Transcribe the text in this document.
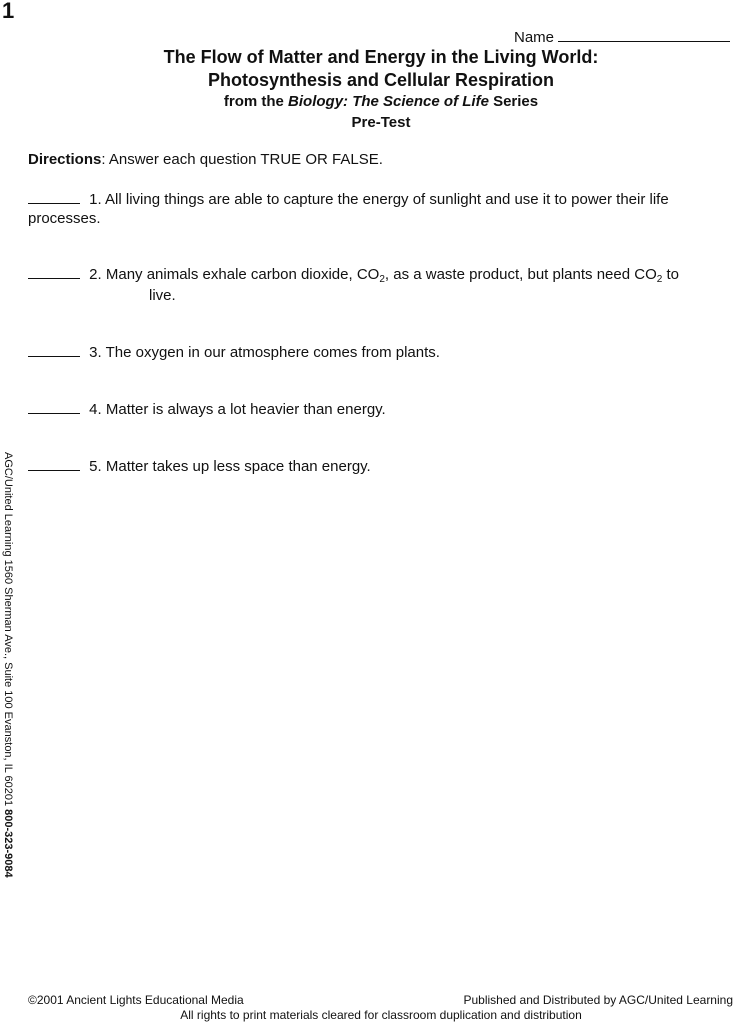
1
Name
The Flow of Matter and Energy in the Living World:
Photosynthesis and Cellular Respiration
from the Biology: The Science of Life Series
Pre-Test
Directions: Answer each question TRUE OR FALSE.
1. All living things are able to capture the energy of sunlight and use it to power their life processes.
2. Many animals exhale carbon dioxide, $CO_2$, as a waste product, but plants need $CO_2$ to
live.
3. The oxygen in our atmosphere comes from plants.
4. Matter is always a lot heavier than energy.
5. Matter takes up less space than energy.
AGC/United Learning 1560 Sherman Ave., Suite 100 Evanston, IL 60201 800-323-9084
©2001 Ancient Lights Educational Media	Published and Distributed by AGC/United Learning
All rights to print materials cleared for classroom duplication and distribution
